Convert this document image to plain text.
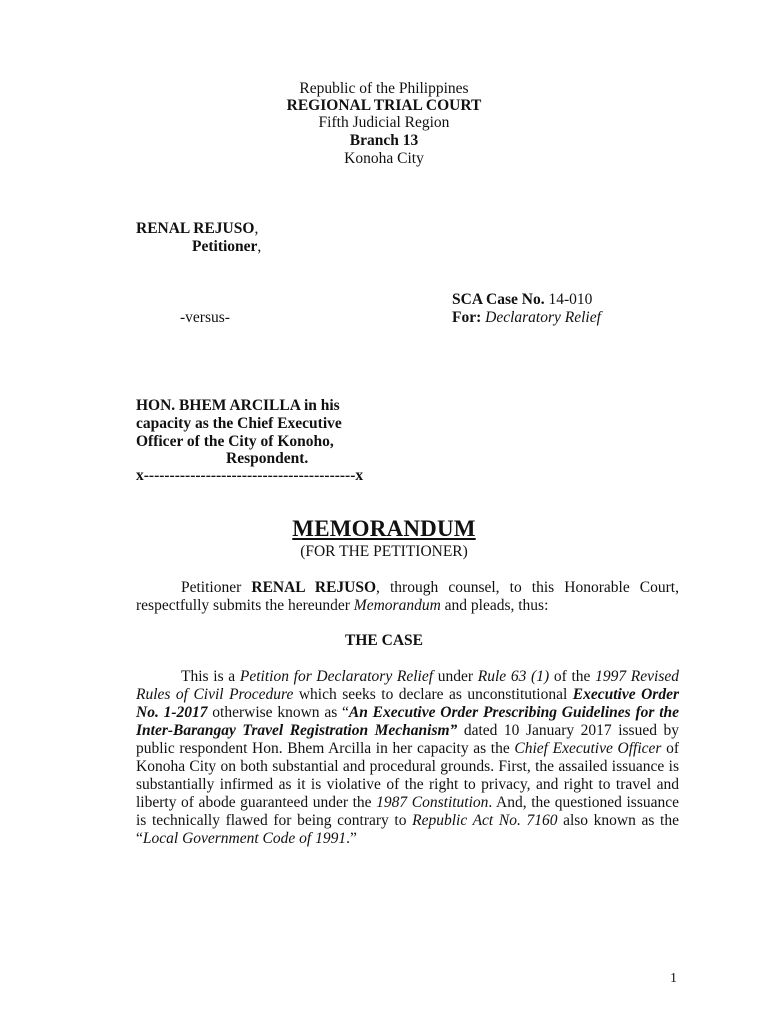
Republic of the Philippines
REGIONAL TRIAL COURT
Fifth Judicial Region
Branch 13
Konoha City
RENAL REJUSO,
Petitioner,
SCA Case No. 14-010
-versus-	For: Declaratory Relief
HON. BHEM ARCILLA in his
capacity as the Chief Executive
Officer of the City of Konoho,
Respondent.
x-----------------------------------------x
MEMORANDUM
(FOR THE PETITIONER)
Petitioner RENAL REJUSO, through counsel, to this Honorable Court, respectfully submits the hereunder Memorandum and pleads, thus:
THE CASE
This is a Petition for Declaratory Relief under Rule 63 (1) of the 1997 Revised Rules of Civil Procedure which seeks to declare as unconstitutional Executive Order No. 1-2017 otherwise known as “An Executive Order Prescribing Guidelines for the Inter-Barangay Travel Registration Mechanism” dated 10 January 2017 issued by public respondent Hon. Bhem Arcilla in her capacity as the Chief Executive Officer of Konoha City on both substantial and procedural grounds. First, the assailed issuance is substantially infirmed as it is violative of the right to privacy, and right to travel and liberty of abode guaranteed under the 1987 Constitution. And, the questioned issuance is technically flawed for being contrary to Republic Act No. 7160 also known as the “Local Government Code of 1991.”
1
